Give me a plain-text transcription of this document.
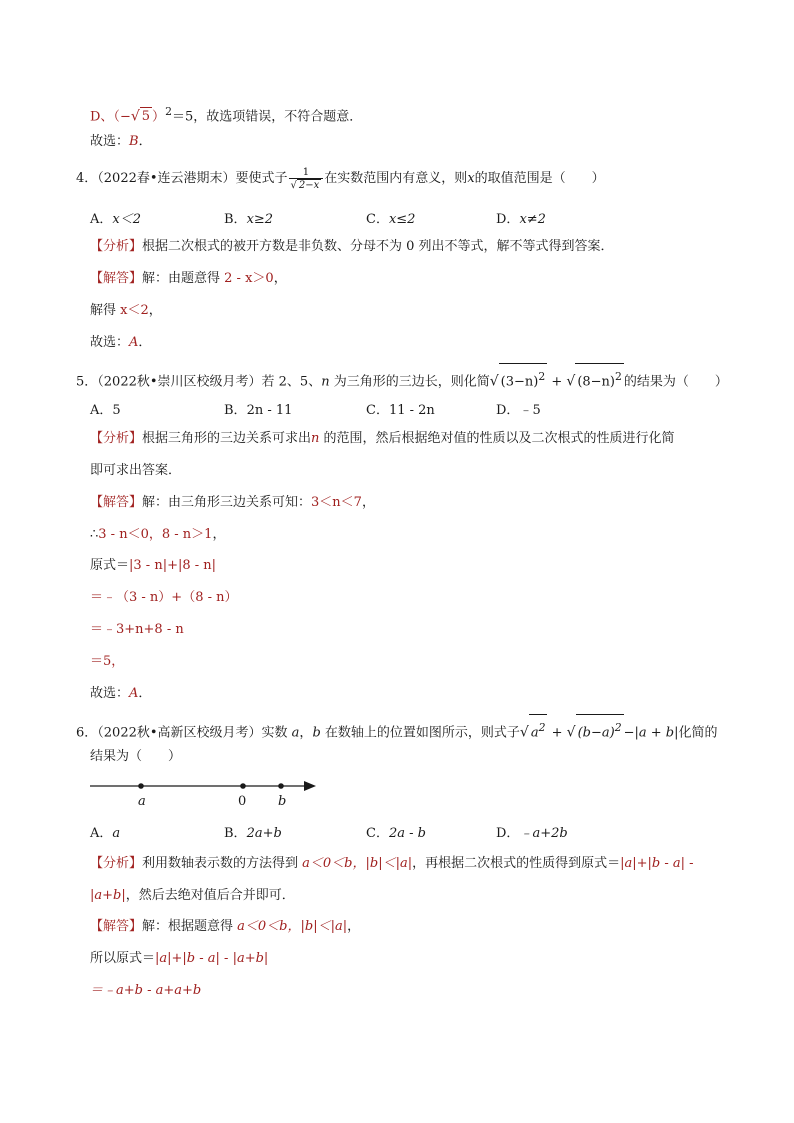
D、（−√ 5 ）$^2$＝5，故选项错误，不符合题意．
故选：B．
4．（2022春•连云港期末）要使式子 $\frac{1}{√ 2-x}$ 在实数范围内有意义，则x的取值范围是（　　）
A．x＜2	B．x≥2	C．x≤2	D．x≠2
【分析】根据二次根式的被开方数是非负数、分母不为 0 列出不等式，解不等式得到答案．
【解答】解：由题意得 2 - x＞0，
解得 x＜2，
故选：A．
5．（2022秋•崇川区校级月考）若 2、5、n 为三角形的三边长，则化简√ $(3-n)^2$ + √ $(8-n)^2$ 的结果为（　　）
A．5	B．2n - 11	C．11 - 2n	D．﹣5
【分析】根据三角形的三边关系可求出n 的范围，然后根据绝对值的性质以及二次根式的性质进行化简
即可求出答案．
【解答】解：由三角形三边关系可知：3＜n＜7，
∴3 - n＜0，8 - n＞1，
原式＝|3 - n|+|8 - n|
＝﹣（3 - n）+（8 - n）
＝﹣3+n+8 - n
＝5，
故选：A．
6．（2022秋•高新区校级月考）实数 a，b 在数轴上的位置如图所示，则式子√ $a^2$ + √ $(b-a)^2 -|a + b|$化简的
结果为（　　）
a	0 b
A．a	B．2a+b	C．2a - b	D．﹣a+2b
【分析】利用数轴表示数的方法得到 a＜0＜b，|b|＜|a|，再根据二次根式的性质得到原式＝|a|+|b - a| -
|a+b|，然后去绝对值后合并即可．
【解答】解：根据题意得 a＜0＜b，|b|＜|a|，
所以原式＝|a|+|b - a| - |a+b|
＝﹣a+b - a+a+b
